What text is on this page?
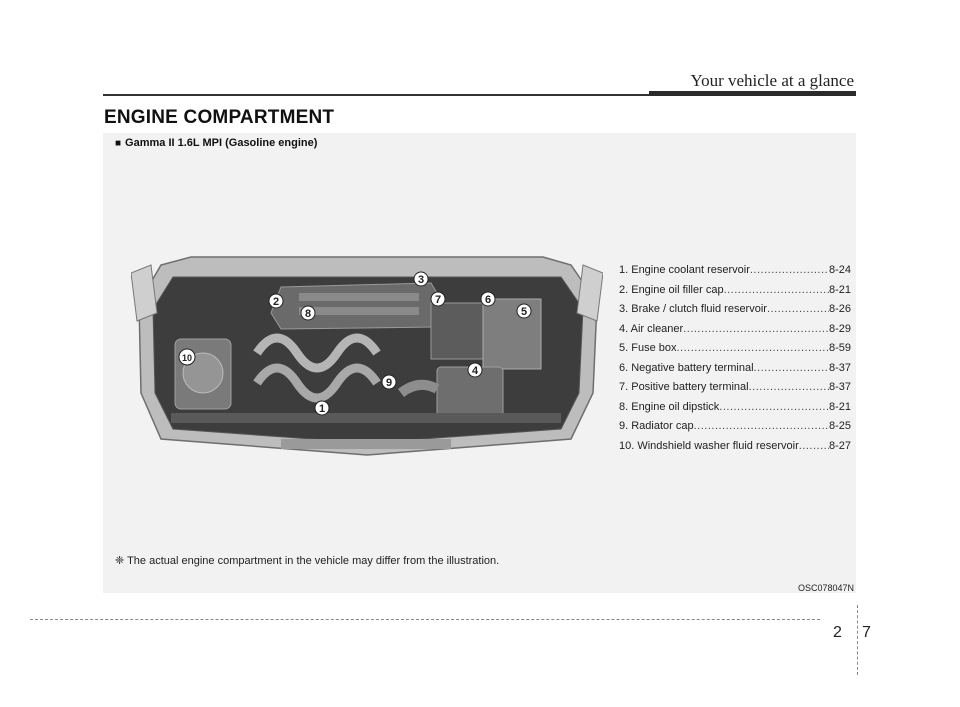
Your vehicle at a glance
ENGINE COMPARTMENT
■ Gamma II 1.6L MPI (Gasoline engine)
1
2
3
4
5
6
7
8
9
10
1. Engine coolant reservoir .....	8-24
2. Engine oil filler cap .....	8-21
3. Brake / clutch fluid reservoir .....	8-26
4. Air cleaner .....	8-29
5. Fuse box .....	8-59
6. Negative battery terminal .....	8-37
7. Positive battery terminal .....	8-37
8. Engine oil dipstick .....	8-21
9. Radiator cap .....	8-25
10. Windshield washer fluid reservoir .....	8-27
❈ The actual engine compartment in the vehicle may differ from the illustration.
OSC078047N
2 7
